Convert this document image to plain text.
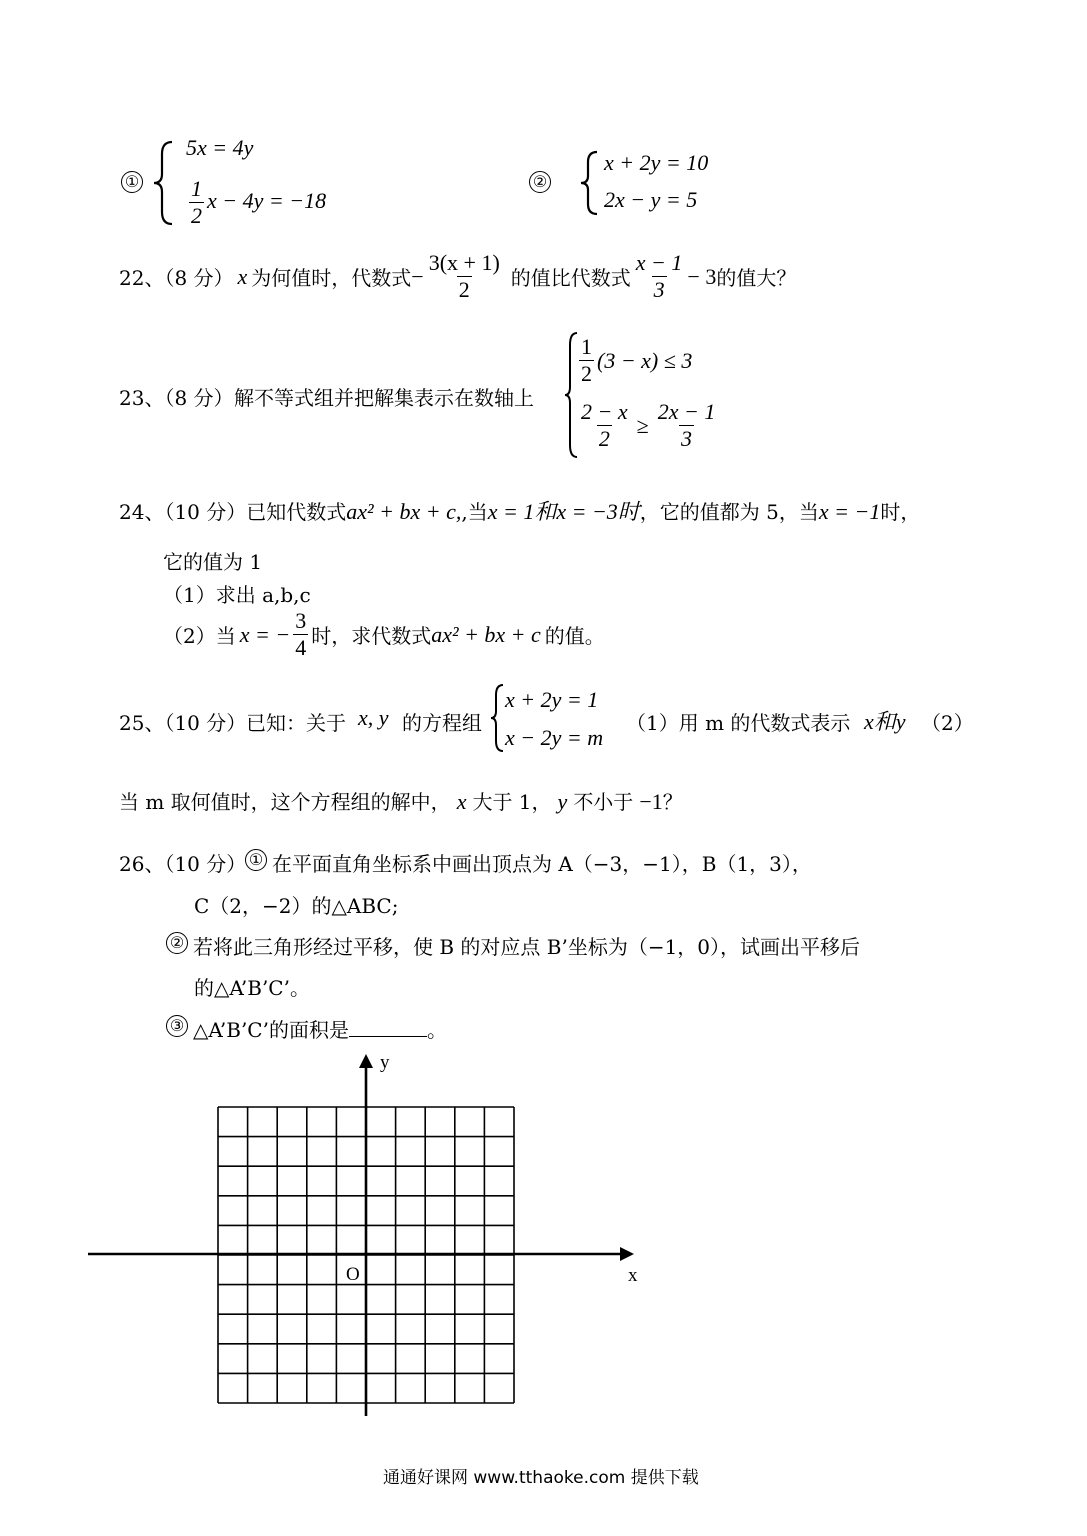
①
5x = 4y
$\frac{1}{2}$ x − 4y = −18
②
x + 2y = 10
2x − y = 5
22、（8 分） x 为何值时，代数式 − $\frac{3(x + 1)}{2}$ 的值比代数式 $\frac{x - 1}{3} - 3$ 的值大？
23、（8 分） 解不等式组并把解集表示在数轴上
$\frac{1}{2} (3 - x) \le 3$
$\frac{2 - x}{2} \ge \frac{2x - 1}{3}$
24、（10 分） 已知代数式 ax² + bx + c, ,当 x = 1和x = −3时 ，它的值都为 5，当 x = −1 时，
它的值为 1
（1）求出 a,b,c
（2）当 x = − $\frac{3}{4}$ 时，求代数式 ax² + bx + c 的值。
25、（10 分） 已知：关于 x, y 的方程组
x + 2y = 1
x − 2y = m
（1）用 m 的代数式表示 x和y （2）
当 m 取何值时，这个方程组的解中， x 大于 1， y 不小于 −1 ？
26、（10 分） ① 在平面直角坐标系中画出顶点为 A（−3，−1），B（1，3），
C（2，−2）的△ABC;
② 若将此三角形经过平移，使 B 的对应点 B’坐标为（−1，0），试画出平移后
的△A’B’C’。
③ △A’B’C’的面积是	。
y
x
O
通通好课网 www.tthaoke.com 提供下载
